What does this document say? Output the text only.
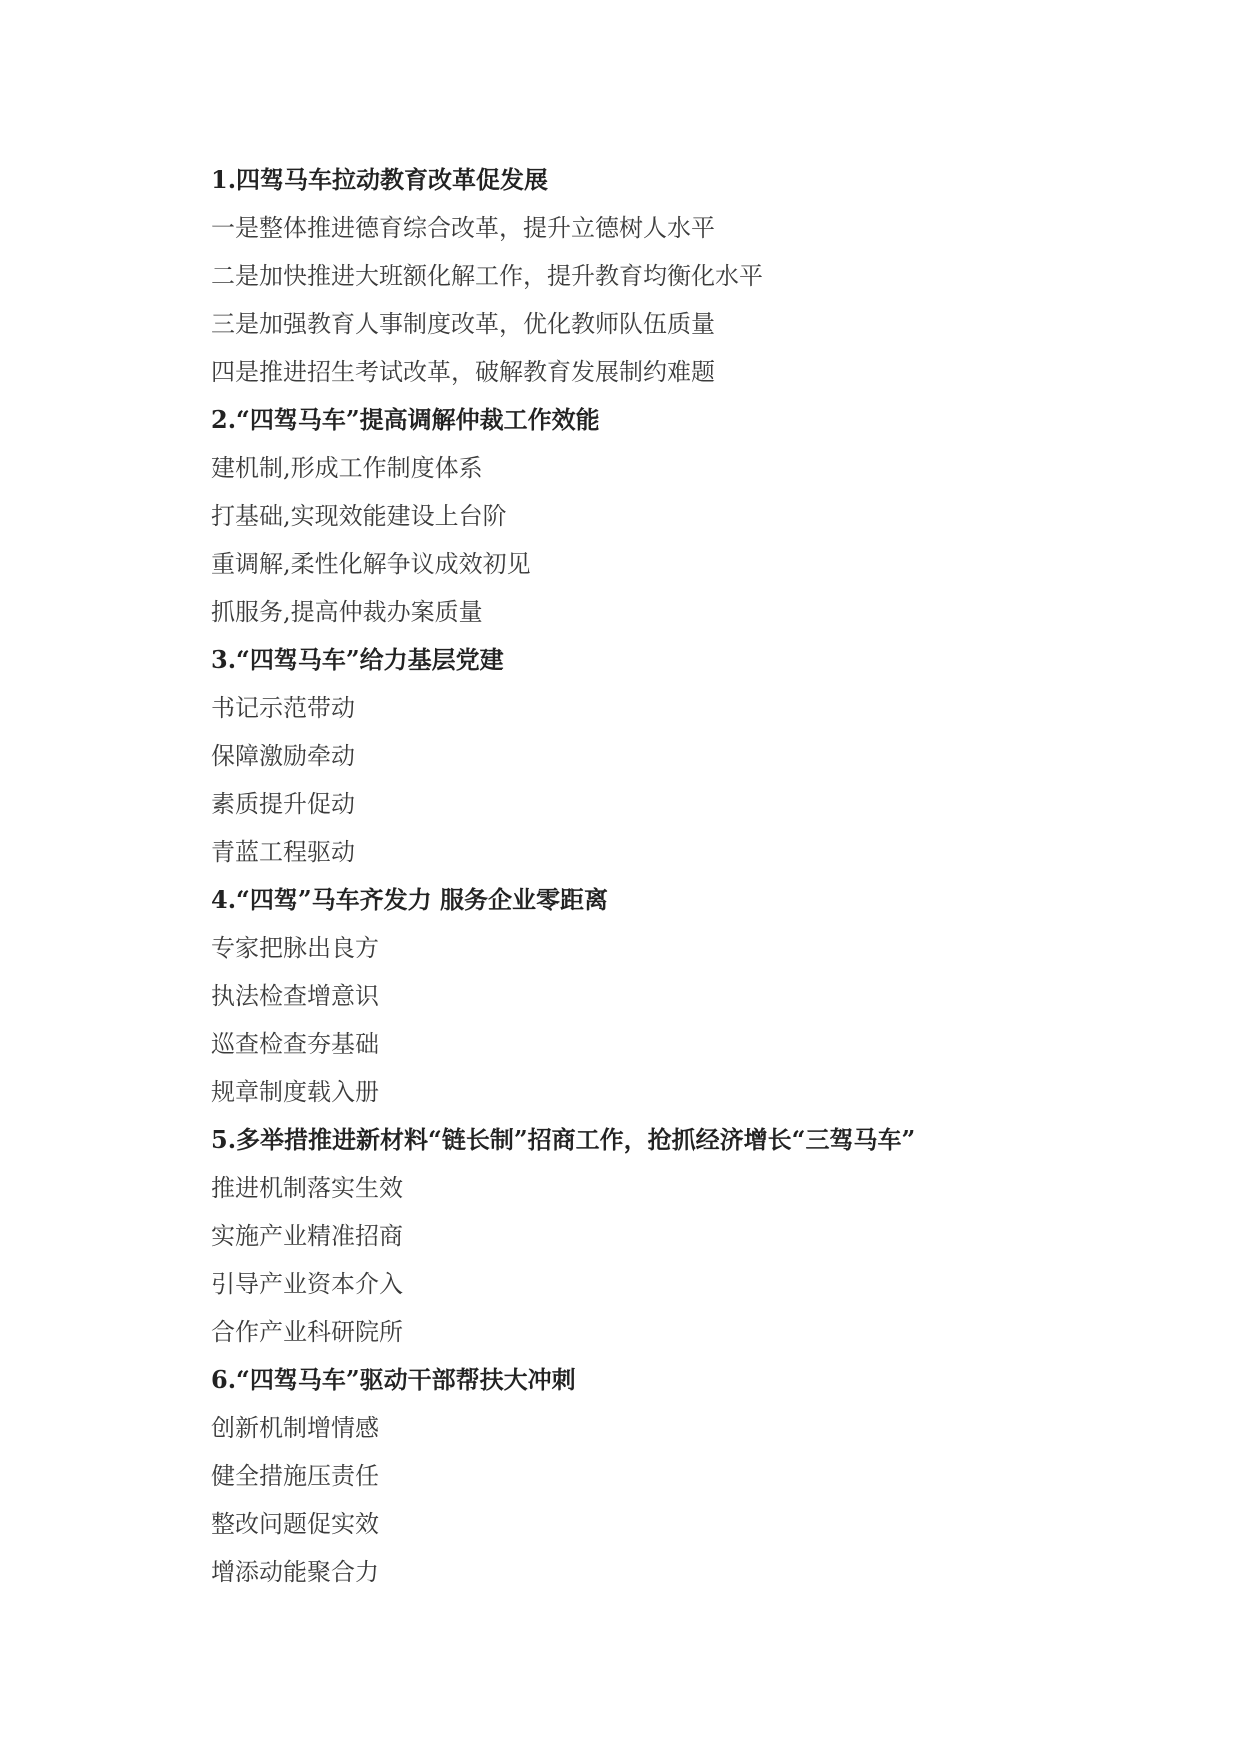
1.四驾马车拉动教育改革促发展
一是整体推进德育综合改革，提升立德树人水平
二是加快推进大班额化解工作，提升教育均衡化水平
三是加强教育人事制度改革，优化教师队伍质量
四是推进招生考试改革，破解教育发展制约难题
2.“四驾马车”提高调解仲裁工作效能
建机制,形成工作制度体系
打基础,实现效能建设上台阶
重调解,柔性化解争议成效初见
抓服务,提高仲裁办案质量
3.“四驾马车”给力基层党建
书记示范带动
保障激励牵动
素质提升促动
青蓝工程驱动
4.“四驾”马车齐发力 服务企业零距离
专家把脉出良方
执法检查增意识
巡查检查夯基础
规章制度载入册
5.多举措推进新材料“链长制”招商工作，抢抓经济增长“三驾马车”
推进机制落实生效
实施产业精准招商
引导产业资本介入
合作产业科研院所
6.“四驾马车”驱动干部帮扶大冲刺
创新机制增情感
健全措施压责任
整改问题促实效
增添动能聚合力
